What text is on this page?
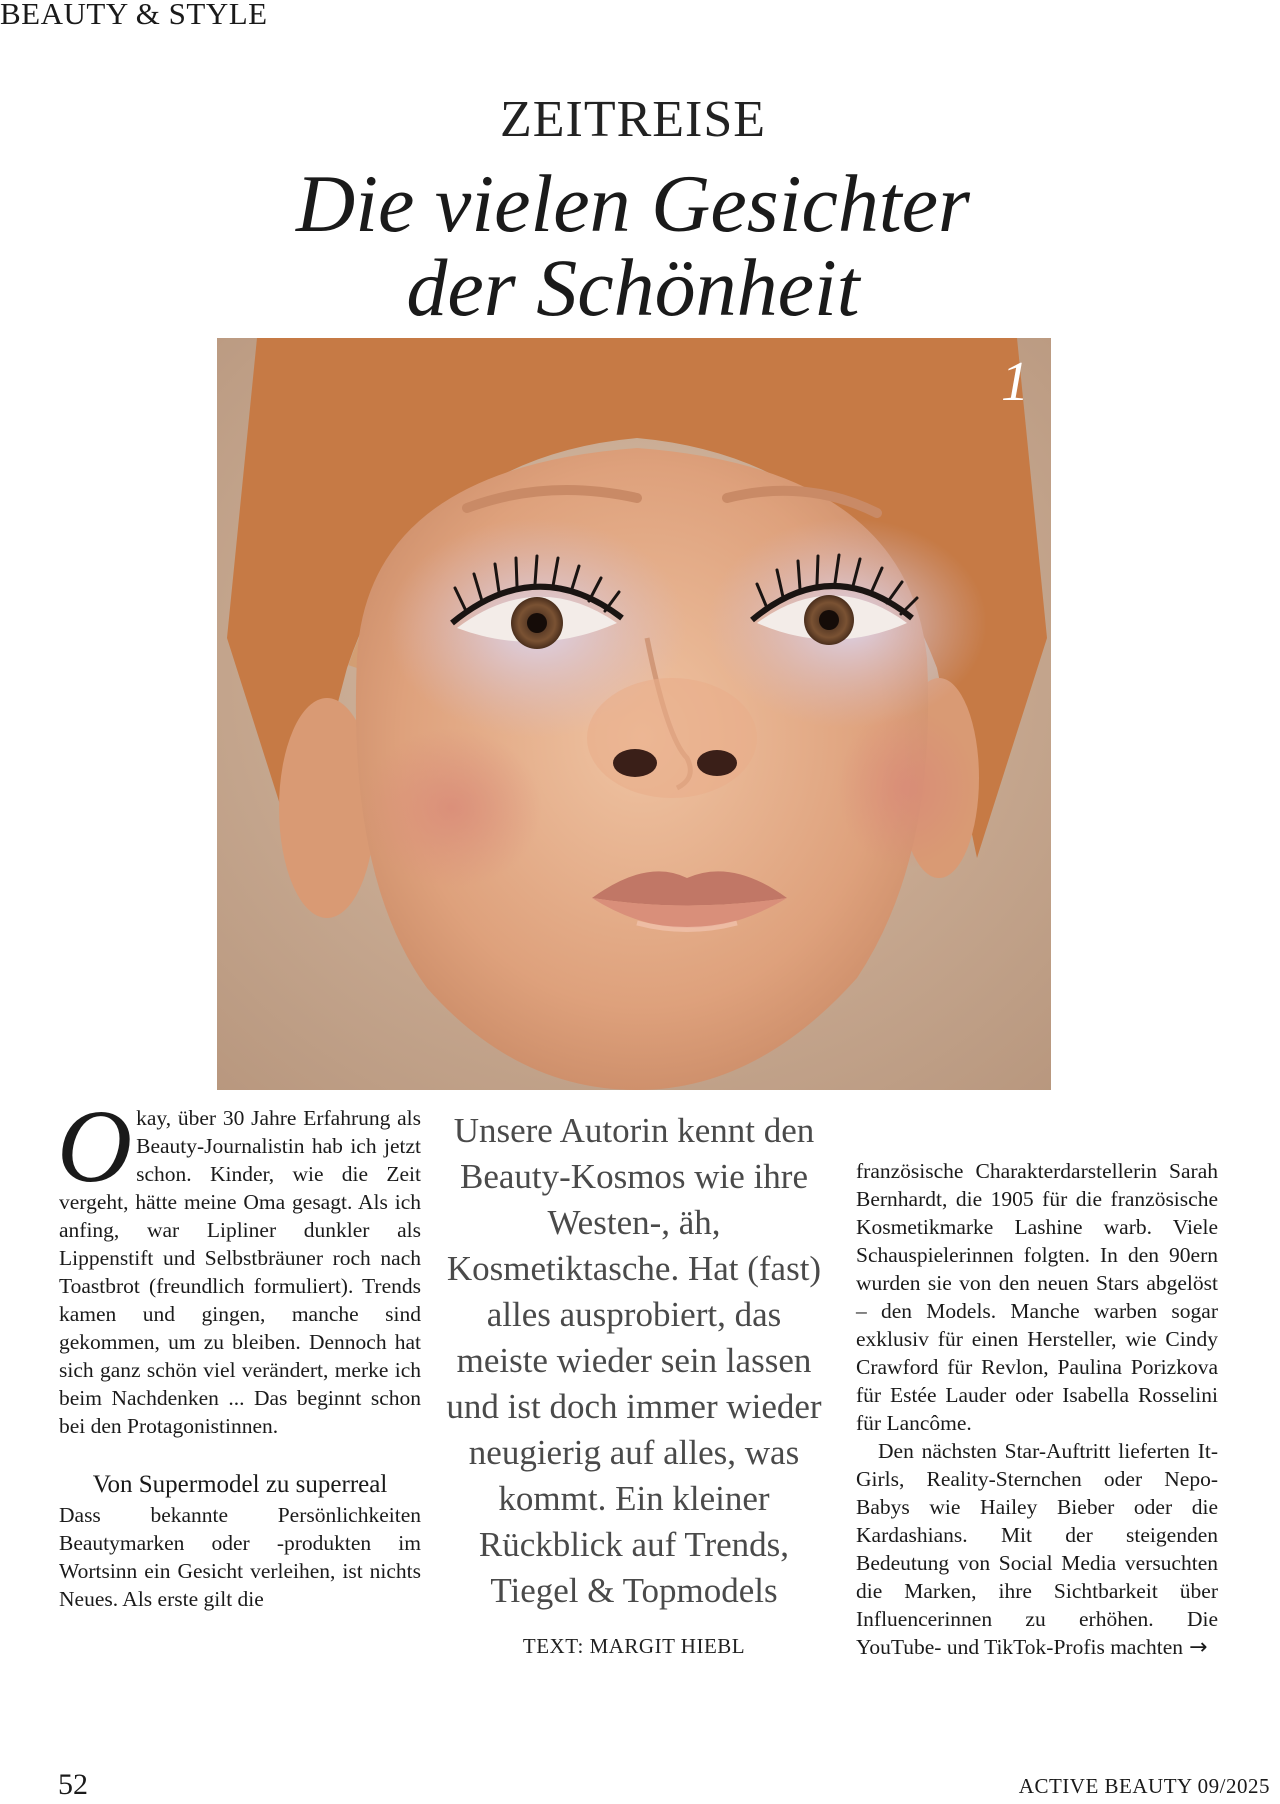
BEAUTY & STYLE

ZEITREISE
Die vielen Gesichter
der Schönheit
1

Okay, über 30 Jahre Erfahrung als Beauty-Journalistin hab ich jetzt schon. Kinder, wie die Zeit vergeht, hätte meine Oma gesagt. Als ich anfing, war Lipliner dunkler als Lippenstift und Selbstbräuner roch nach Toastbrot (freundlich formuliert). Trends kamen und gingen, manche sind gekommen, um zu bleiben. Dennoch hat sich ganz schön viel verändert, merke ich beim Nachdenken ... Das beginnt schon bei den Protagonistinnen.

Von Supermodel zu superreal

Dass bekannte Persönlichkeiten Beautymarken oder -produkten im Wortsinn ein Gesicht verleihen, ist nichts Neues. Als erste gilt die

Unsere Autorin kennt den Beauty-Kosmos wie ihre Westen-, äh, Kosmetiktasche. Hat (fast) alles ausprobiert, das meiste wieder sein lassen und ist doch immer wieder neugierig auf alles, was kommt. Ein kleiner Rückblick auf Trends, Tiegel & Topmodels

TEXT: MARGIT HIEBL

französische Charakterdarstellerin Sarah Bernhardt, die 1905 für die französische Kosmetikmarke Lashine warb. Viele Schauspielerinnen folgten. In den 90ern wurden sie von den neuen Stars abgelöst – den Models. Manche warben sogar exklusiv für einen Hersteller, wie Cindy Crawford für Revlon, Paulina Porizkova für Estée Lauder oder Isabella Rosselini für Lancôme.

Den nächsten Star-Auftritt lieferten It-Girls, Reality-Sternchen oder Nepo-Babys wie Hailey Bieber oder die Kardashians. Mit der steigenden Bedeutung von Social Media versuchten die Marken, ihre Sichtbarkeit über Influencerinnen zu erhöhen. Die YouTube- und TikTok-Profis machten →

52	ACTIVE BEAUTY 09/2025
